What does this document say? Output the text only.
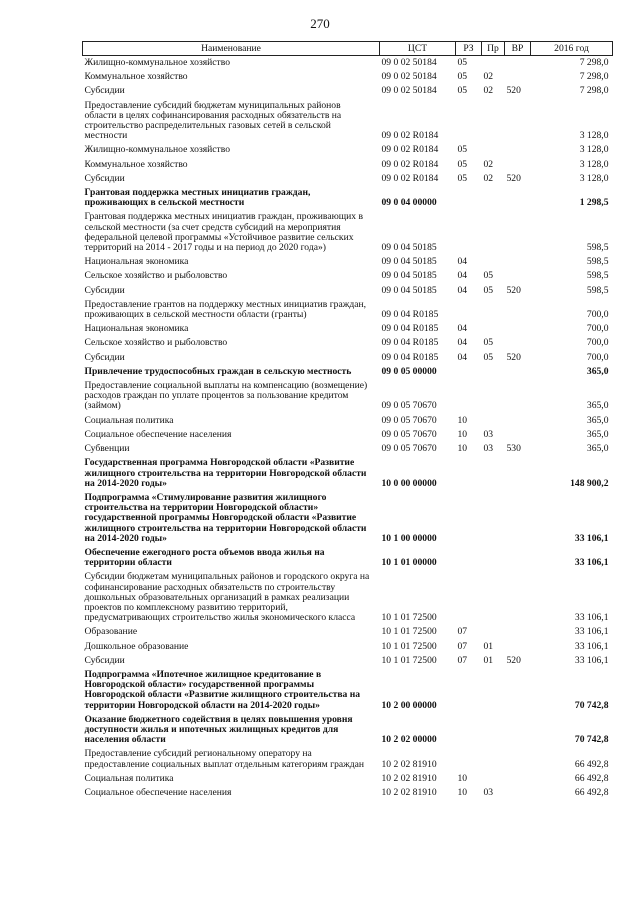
270
Наименование	ЦСТ	РЗ	Пр	ВР	2016 год
Жилищно-коммунальное хозяйство	09 0 02 50184	05			7 298,0
Коммунальное хозяйство	09 0 02 50184	05	02		7 298,0
Субсидии	09 0 02 50184	05	02	520	7 298,0
Предоставление субсидий бюджетам муниципальных районов области в целях софинансирования расходных обязательств на строительство распределительных газовых сетей в сельской местности	09 0 02 R0184				3 128,0
Жилищно-коммунальное хозяйство	09 0 02 R0184	05			3 128,0
Коммунальное хозяйство	09 0 02 R0184	05	02		3 128,0
Субсидии	09 0 02 R0184	05	02	520	3 128,0
Грантовая поддержка местных инициатив граждан, проживающих в сельской местности	09 0 04 00000				1 298,5
Грантовая поддержка местных инициатив граждан, проживающих в сельской местности (за счет средств субсидий на мероприятия федеральной целевой программы «Устойчивое развитие сельских территорий на 2014 - 2017 годы и на период до 2020 года»)	09 0 04 50185				598,5
Национальная экономика	09 0 04 50185	04			598,5
Сельское хозяйство и рыболовство	09 0 04 50185	04	05		598,5
Субсидии	09 0 04 50185	04	05	520	598,5
Предоставление грантов на поддержку местных инициатив граждан, проживающих в сельской местности области (гранты)	09 0 04 R0185				700,0
Национальная экономика	09 0 04 R0185	04			700,0
Сельское хозяйство и рыболовство	09 0 04 R0185	04	05		700,0
Субсидии	09 0 04 R0185	04	05	520	700,0
Привлечение трудоспособных граждан в сельскую местность	09 0 05 00000				365,0
Предоставление социальной выплаты на компенсацию (возмещение) расходов граждан по уплате процентов за пользование кредитом (займом)	09 0 05 70670				365,0
Социальная политика	09 0 05 70670	10			365,0
Социальное обеспечение населения	09 0 05 70670	10	03		365,0
Субвенции	09 0 05 70670	10	03	530	365,0
Государственная программа Новгородской области «Развитие жилищного строительства на территории Новгородской области на 2014-2020 годы»	10 0 00 00000				148 900,2
Подпрограмма «Стимулирование развития жилищного строительства на территории Новгородской области» государственной программы Новгородской области «Развитие жилищного строительства на территории Новгородской области на 2014-2020 годы»	10 1 00 00000				33 106,1
Обеспечение ежегодного роста объемов ввода жилья на территории области	10 1 01 00000				33 106,1
Субсидии бюджетам муниципальных районов и городского округа на софинансирование расходных обязательств по строительству дошкольных образовательных организаций в рамках реализации проектов по комплексному развитию территорий, предусматривающих строительство жилья экономического класса	10 1 01 72500				33 106,1
Образование	10 1 01 72500	07			33 106,1
Дошкольное образование	10 1 01 72500	07	01		33 106,1
Субсидии	10 1 01 72500	07	01	520	33 106,1
Подпрограмма «Ипотечное жилищное кредитование в Новгородской области» государственной программы Новгородской области «Развитие жилищного строительства на территории Новгородской области на 2014-2020 годы»	10 2 00 00000				70 742,8
Оказание бюджетного содействия в целях повышения уровня доступности жилья и ипотечных жилищных кредитов для населения области	10 2 02 00000				70 742,8
Предоставление субсидий региональному оператору на предоставление социальных выплат отдельным категориям граждан	10 2 02 81910				66 492,8
Социальная политика	10 2 02 81910	10			66 492,8
Социальное обеспечение населения	10 2 02 81910	10	03		66 492,8
